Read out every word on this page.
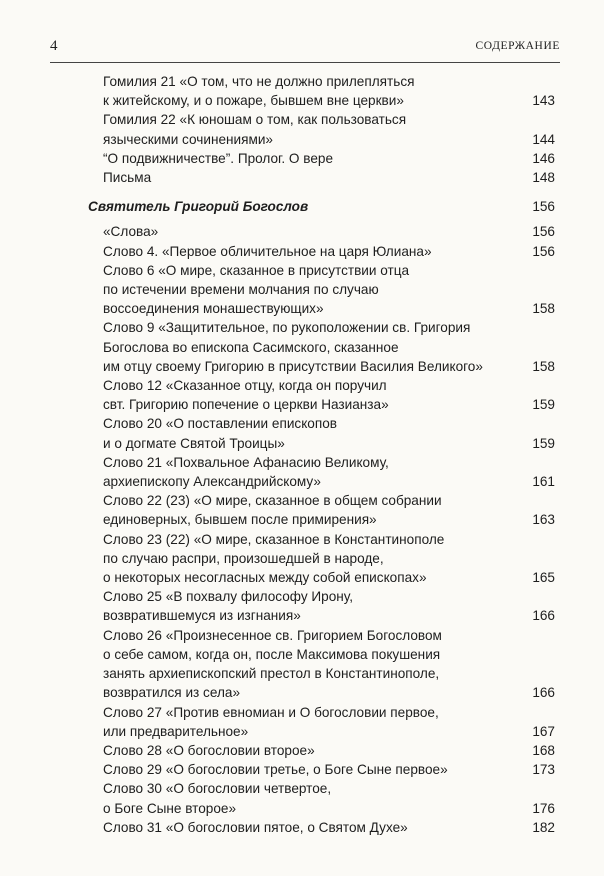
4	СОДЕРЖАНИЕ
Гомилия 21 «О том, что не должно прилепляться
к житейскому, и о пожаре, бывшем вне церкви»	143
Гомилия 22 «К юношам о том, как пользоваться
языческими сочинениями»	144
“О подвижничестве”. Пролог. О вере	146
Письма	148
Святитель Григорий Богослов	156
«Слова»	156
Слово 4. «Первое обличительное на царя Юлиана»	156
Слово 6 «О мире, сказанное в присутствии отца
по истечении времени молчания по случаю
воссоединения монашествующих»	158
Слово 9 «Защитительное, по рукоположении св. Григория
Богослова во епископа Сасимского, сказанное
им отцу своему Григорию в присутствии Василия Великого»	158
Слово 12 «Сказанное отцу, когда он поручил
свт. Григорию попечение о церкви Назианза»	159
Слово 20 «О поставлении епископов
и о догмате Святой Троицы»	159
Слово 21 «Похвальное Афанасию Великому,
архиепископу Александрийскому»	161
Слово 22 (23) «О мире, сказанное в общем собрании
единоверных, бывшем после примирения»	163
Слово 23 (22) «О мире, сказанное в Константинополе
по случаю распри, произошедшей в народе,
о некоторых несогласных между собой епископах»	165
Слово 25 «В похвалу философу Ирону,
возвратившемуся из изгнания»	166
Слово 26 «Произнесенное св. Григорием Богословом
о себе самом, когда он, после Максимова покушения
занять архиепископский престол в Константинополе,
возвратился из села»	166
Слово 27 «Против евномиан и О богословии первое,
или предварительное»	167
Слово 28 «О богословии второе»	168
Слово 29 «О богословии третье, о Боге Сыне первое»	173
Слово 30 «О богословии четвертое,
о Боге Сыне второе»	176
Слово 31 «О богословии пятое, о Святом Духе»	182
